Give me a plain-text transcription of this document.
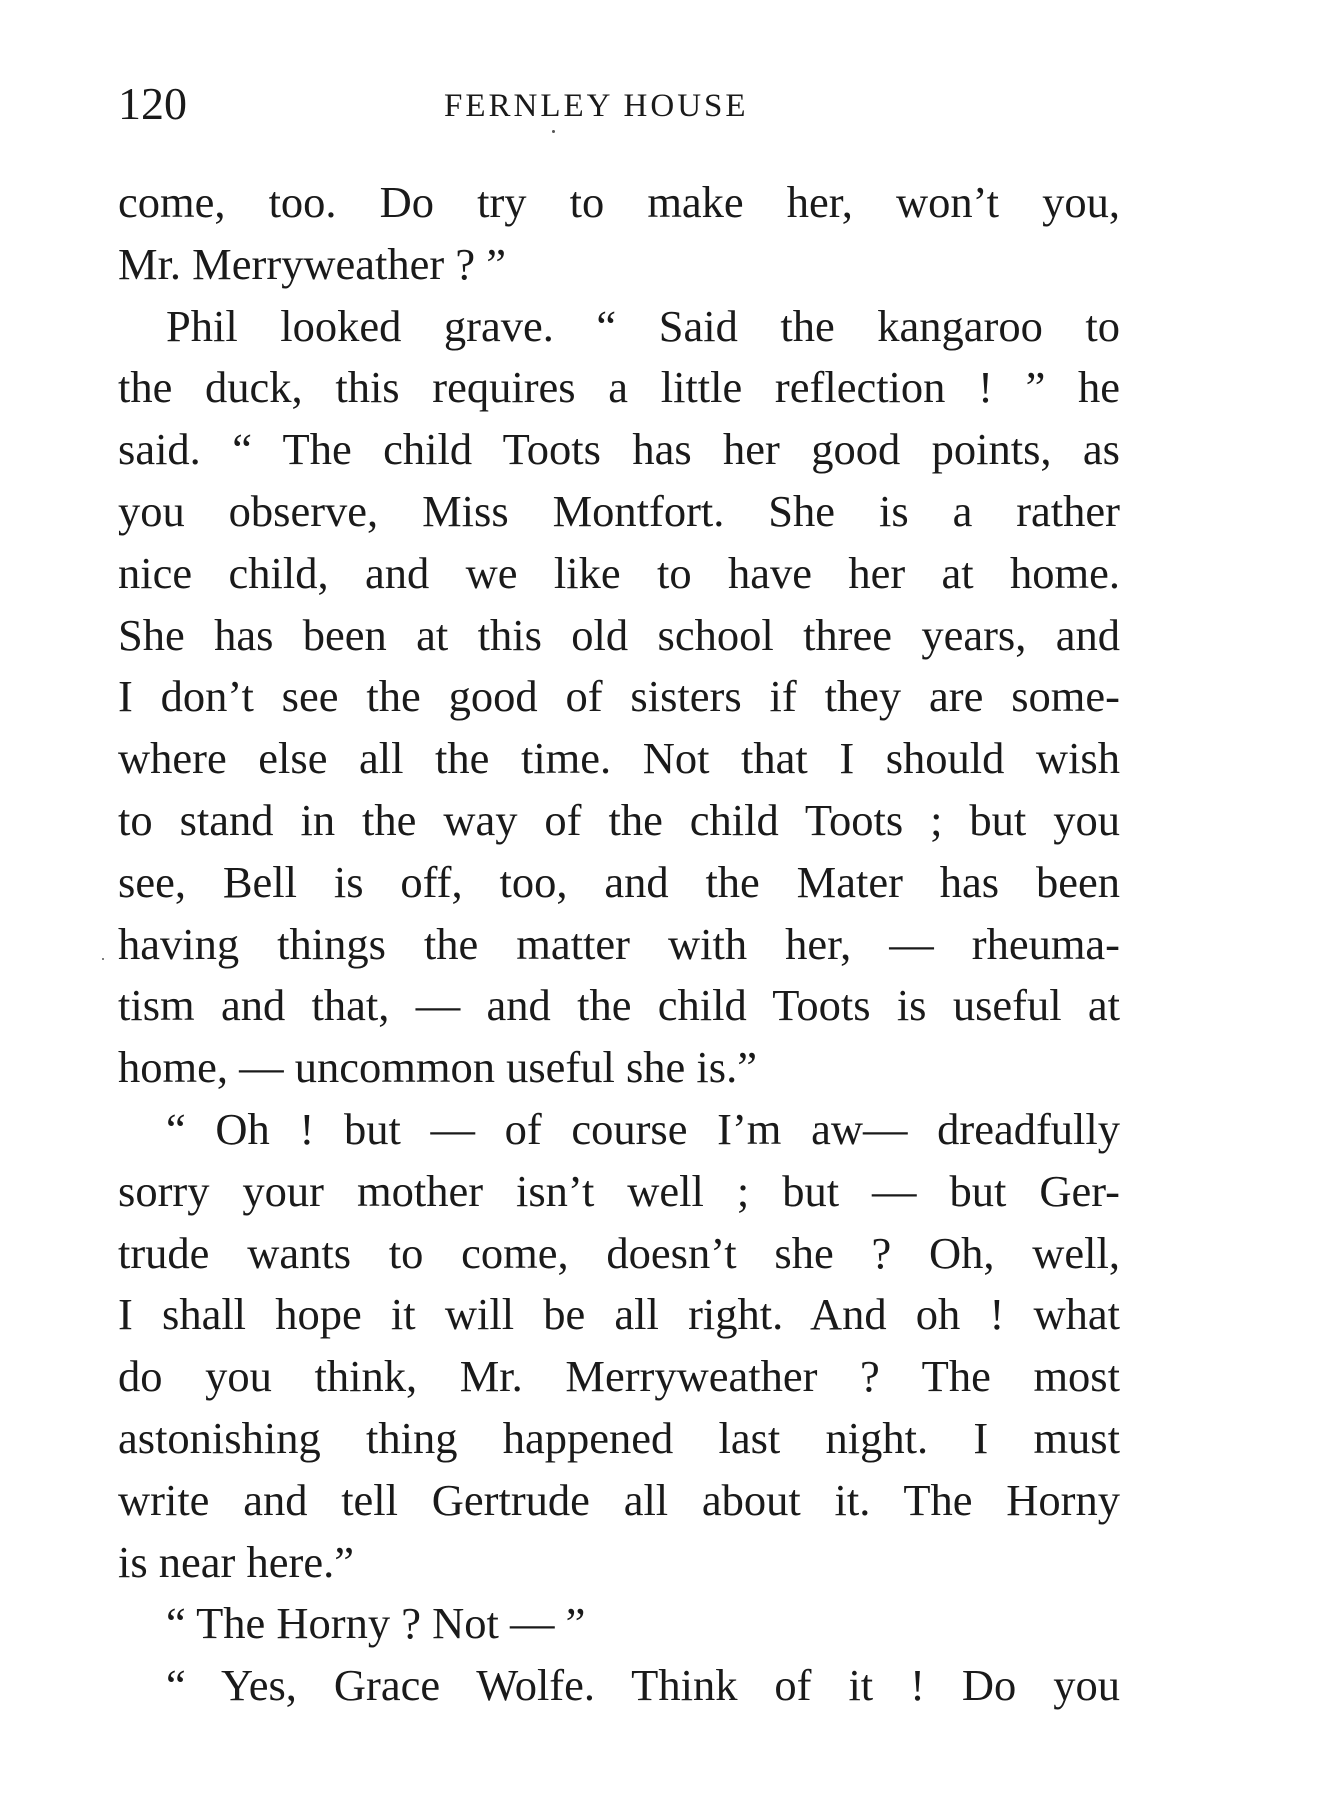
120	FERNLEY HOUSE
come, too. Do try to make her, won’t you,
Mr. Merryweather ? ”
Phil looked grave. “ Said the kangaroo to
the duck, this requires a little reflection ! ” he
said. “ The child Toots has her good points, as
you observe, Miss Montfort. She is a rather
nice child, and we like to have her at home.
She has been at this old school three years, and
I don’t see the good of sisters if they are some-
where else all the time. Not that I should wish
to stand in the way of the child Toots ; but you
see, Bell is off, too, and the Mater has been
having things the matter with her, — rheuma-
tism and that, — and the child Toots is useful at
home, — uncommon useful she is.”
“ Oh ! but — of course I’m aw— dreadfully
sorry your mother isn’t well ; but — but Ger-
trude wants to come, doesn’t she ? Oh, well,
I shall hope it will be all right. And oh ! what
do you think, Mr. Merryweather ? The most
astonishing thing happened last night. I must
write and tell Gertrude all about it. The Horny
is near here.”
“ The Horny ? Not — ”
“ Yes, Grace Wolfe. Think of it ! Do you
